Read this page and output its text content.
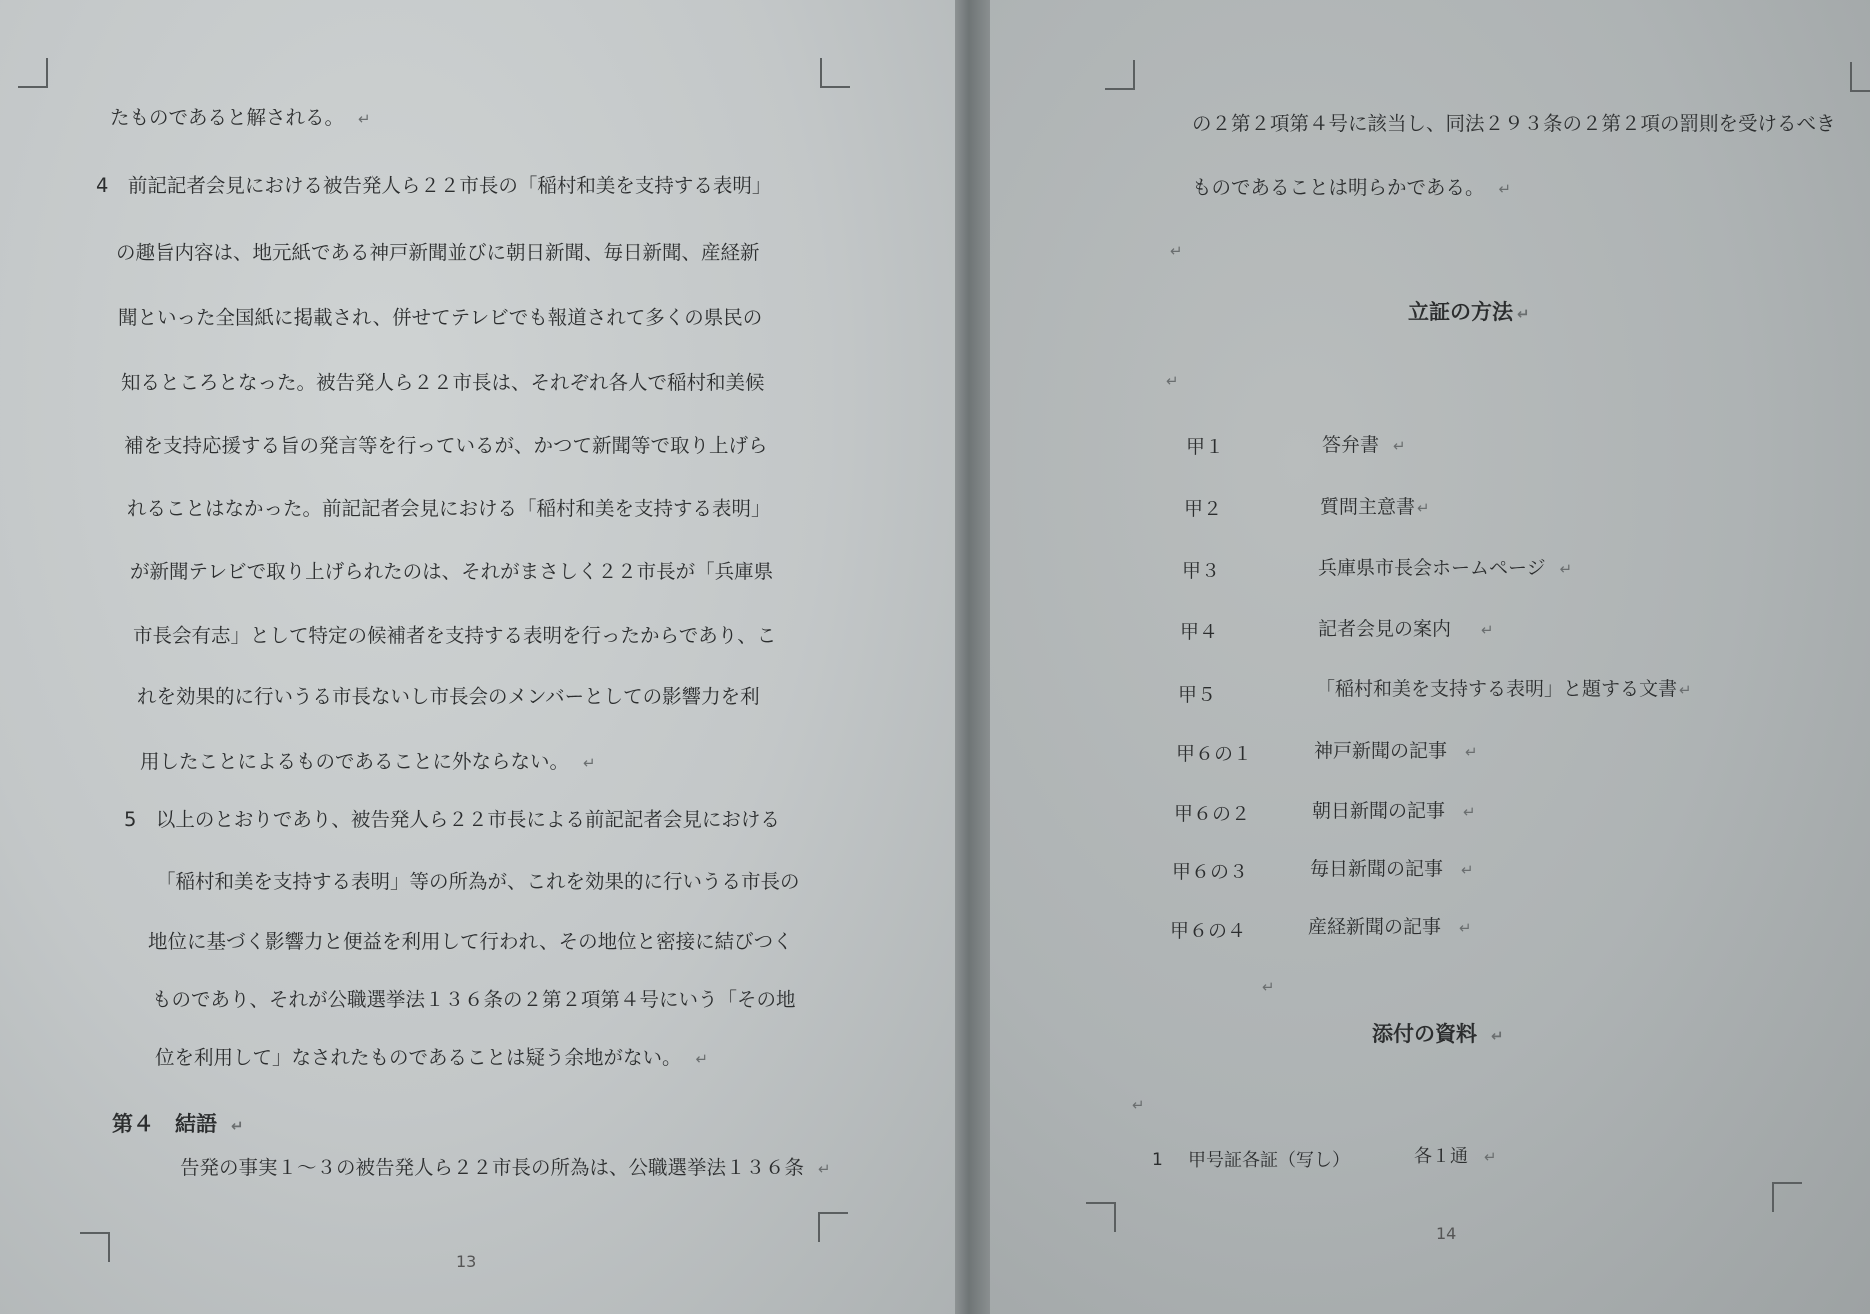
たものであると解される。 ↵
4　前記記者会見における被告発人ら２２市長の「稲村和美を支持する表明」
の趣旨内容は、地元紙である神戸新聞並びに朝日新聞、毎日新聞、産経新
聞といった全国紙に掲載され、併せてテレビでも報道されて多くの県民の
知るところとなった。被告発人ら２２市長は、それぞれ各人で稲村和美候
補を支持応援する旨の発言等を行っているが、かつて新聞等で取り上げら
れることはなかった。前記記者会見における「稲村和美を支持する表明」
が新聞テレビで取り上げられたのは、それがまさしく２２市長が「兵庫県
市長会有志」として特定の候補者を支持する表明を行ったからであり、こ
れを効果的に行いうる市長ないし市長会のメンバーとしての影響力を利
用したことによるものであることに外ならない。 ↵
5　以上のとおりであり、被告発人ら２２市長による前記記者会見における
「稲村和美を支持する表明」等の所為が、これを効果的に行いうる市長の
地位に基づく影響力と便益を利用して行われ、その地位と密接に結びつく
ものであり、それが公職選挙法１３６条の２第２項第４号にいう「その地
位を利用して」なされたものであることは疑う余地がない。 ↵
第４　結語 ↵
告発の事実１～３の被告発人ら２２市長の所為は、公職選挙法１３６条 ↵
13
の２第２項第４号に該当し、同法２９３条の２第２項の罰則を受けるべき
ものであることは明らかである。 ↵
↵
立証の方法 ↵
↵
甲１	答弁書 ↵
甲２	質問主意書 ↵
甲３	兵庫県市長会ホームページ ↵
甲４	記者会見の案内 ↵
甲５	「稲村和美を支持する表明」と題する文書 ↵
甲６の１	神戸新聞の記事 ↵
甲６の２	朝日新聞の記事 ↵
甲６の３	毎日新聞の記事 ↵
甲６の４	産経新聞の記事 ↵
↵
添付の資料 ↵
↵
1 甲号証各証（写し）	各１通 ↵
14
